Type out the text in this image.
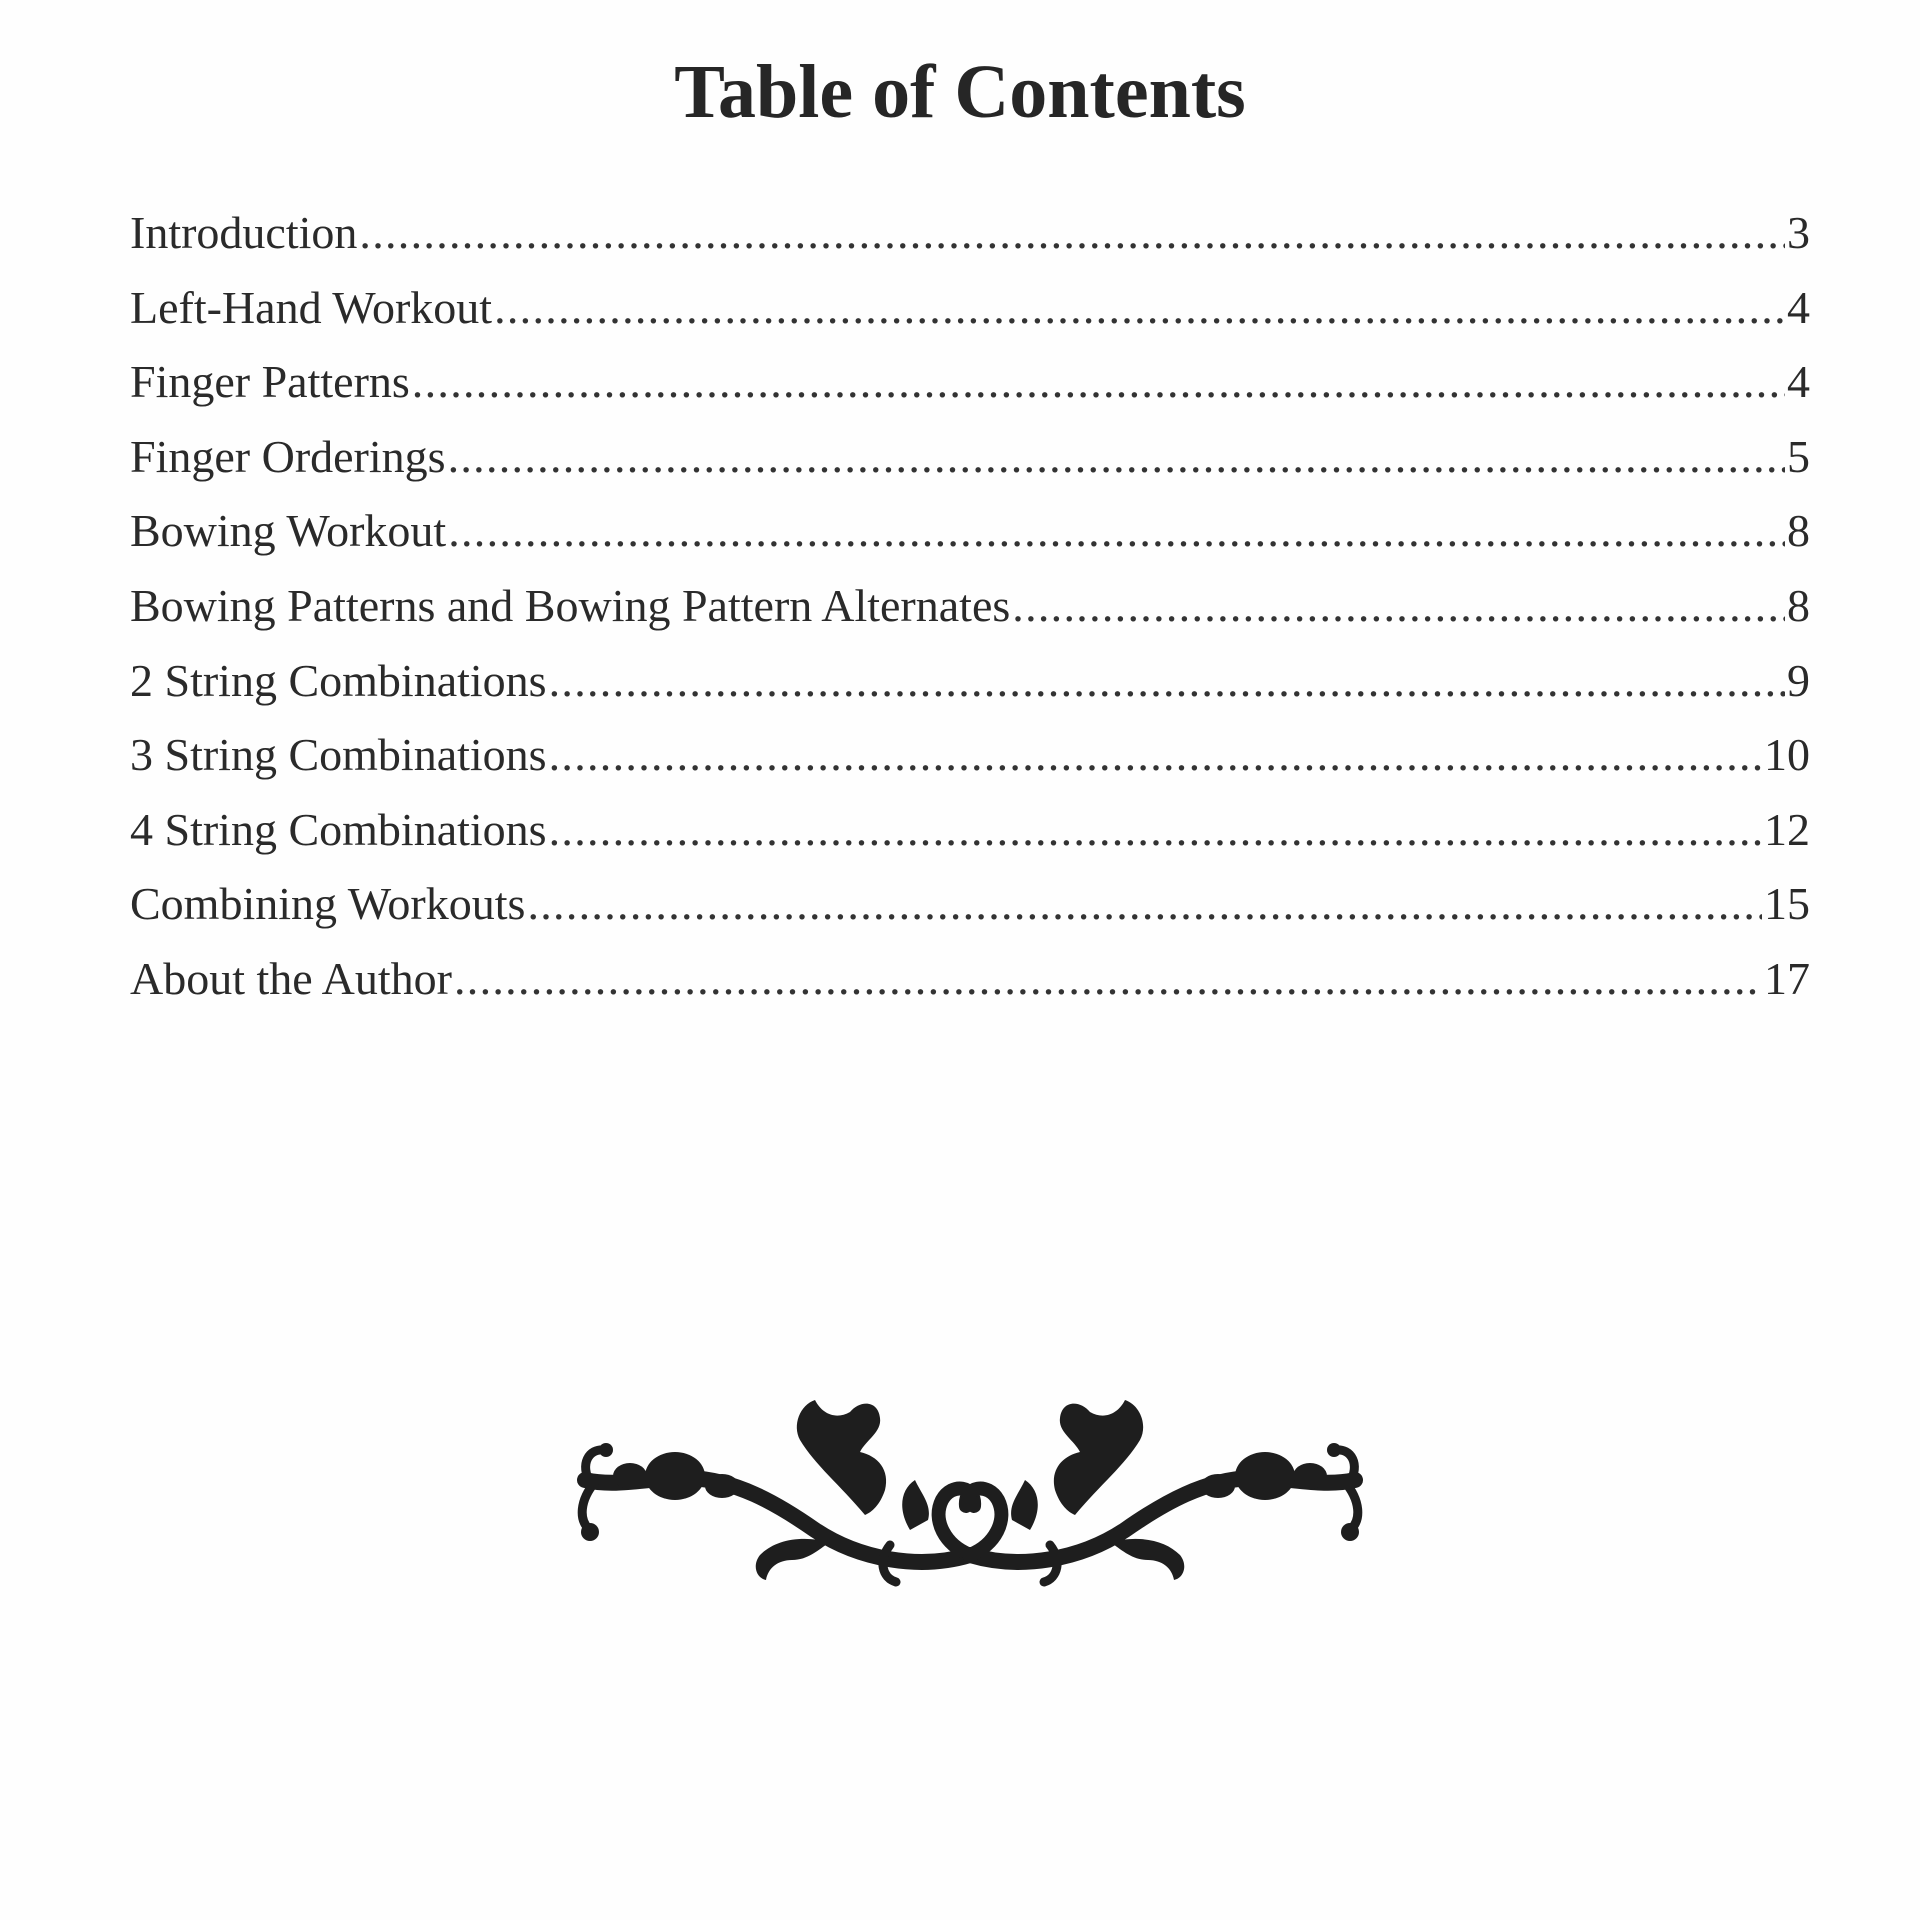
Table of Contents
Introduction .....	3
Left-Hand Workout .....	4
Finger Patterns .....	4
Finger Orderings .....	5
Bowing Workout .....	8
Bowing Patterns and Bowing Pattern Alternates .....	8
2 String Combinations .....	9
3 String Combinations .....	10
4 String Combinations .....	12
Combining Workouts .....	15
About the Author .....	17
